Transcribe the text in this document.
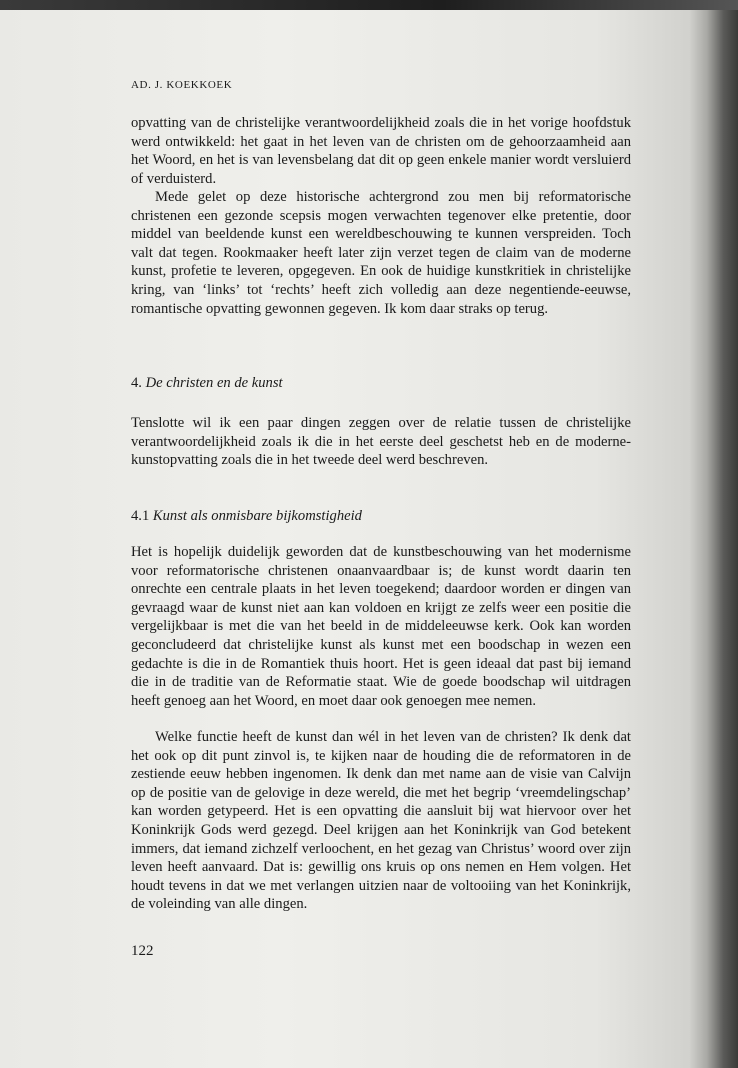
AD. J. KOEKKOEK

opvatting van de christelijke verantwoordelijkheid zoals die in het vorige hoofdstuk werd ontwikkeld: het gaat in het leven van de christen om de gehoorzaamheid aan het Woord, en het is van levensbelang dat dit op geen enkele manier wordt versluierd of verduisterd.

Mede gelet op deze historische achtergrond zou men bij reformatorische christenen een gezonde scepsis mogen verwachten tegenover elke pretentie, door middel van beeldende kunst een wereldbeschouwing te kunnen verspreiden. Toch valt dat tegen. Rookmaaker heeft later zijn verzet tegen de claim van de moderne kunst, profetie te leveren, opgegeven. En ook de huidige kunstkritiek in christelijke kring, van ‘links’ tot ‘rechts’ heeft zich volledig aan deze negentiende-eeuwse, romantische opvatting gewonnen gegeven. Ik kom daar straks op terug.

4. De christen en de kunst

Tenslotte wil ik een paar dingen zeggen over de relatie tussen de christelijke verantwoordelijkheid zoals ik die in het eerste deel geschetst heb en de moderne-kunstopvatting zoals die in het tweede deel werd beschreven.

4.1 Kunst als onmisbare bijkomstigheid

Het is hopelijk duidelijk geworden dat de kunstbeschouwing van het modernisme voor reformatorische christenen onaanvaardbaar is; de kunst wordt daarin ten onrechte een centrale plaats in het leven toegekend; daardoor worden er dingen van gevraagd waar de kunst niet aan kan voldoen en krijgt ze zelfs weer een positie die vergelijkbaar is met die van het beeld in de middeleeuwse kerk. Ook kan worden geconcludeerd dat christelijke kunst als kunst met een boodschap in wezen een gedachte is die in de Romantiek thuis hoort. Het is geen ideaal dat past bij iemand die in de traditie van de Reformatie staat. Wie de goede boodschap wil uitdragen heeft genoeg aan het Woord, en moet daar ook genoegen mee nemen.

Welke functie heeft de kunst dan wél in het leven van de christen? Ik denk dat het ook op dit punt zinvol is, te kijken naar de houding die de reformatoren in de zestiende eeuw hebben ingenomen. Ik denk dan met name aan de visie van Calvijn op de positie van de gelovige in deze wereld, die met het begrip ‘vreemdelingschap’ kan worden getypeerd. Het is een opvatting die aansluit bij wat hiervoor over het Koninkrijk Gods werd gezegd. Deel krijgen aan het Koninkrijk van God betekent immers, dat iemand zichzelf verloochent, en het gezag van Christus’ woord over zijn leven heeft aanvaard. Dat is: gewillig ons kruis op ons nemen en Hem volgen. Het houdt tevens in dat we met verlangen uitzien naar de voltooiing van het Koninkrijk, de voleinding van alle dingen.

122
